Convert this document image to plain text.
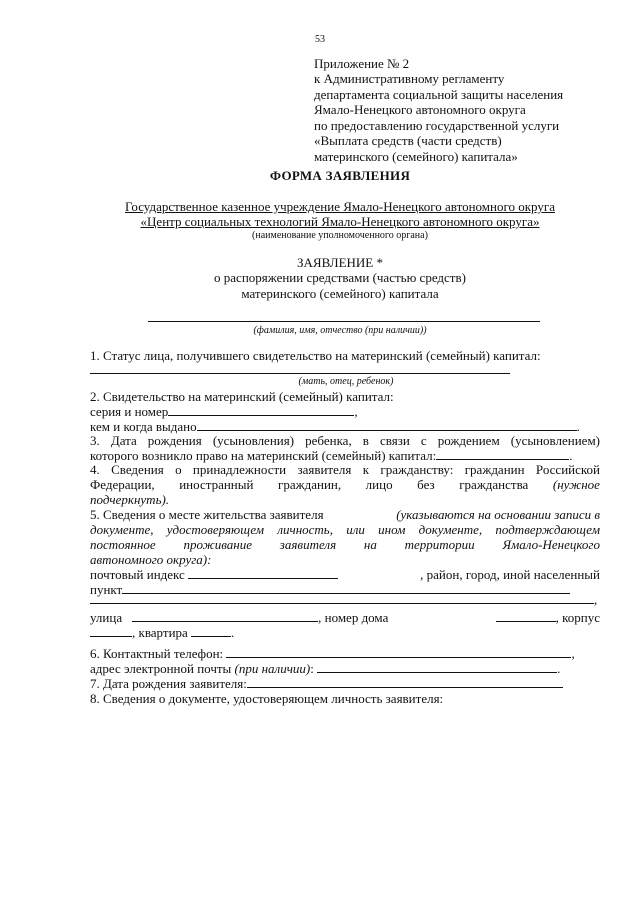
53
Приложение № 2
к Административному регламенту
департамента социальной защиты населения
Ямало-Ненецкого автономного округа
по предоставлению государственной услуги
«Выплата средств (части средств)
материнского (семейного) капитала»
ФОРМА ЗАЯВЛЕНИЯ
Государственное казенное учреждение Ямало-Ненецкого автономного округа
«Центр социальных технологий Ямало-Ненецкого автономного округа»
(наименование уполномоченного органа)
ЗАЯВЛЕНИЕ *
о распоряжении средствами (частью средств)
материнского (семейного) капитала
(фамилия, имя, отчество (при наличии))
1. Статус лица, получившего свидетельство на материнский (семейный) капитал:
(мать, отец, ребенок)
2. Свидетельство на материнский (семейный) капитал:
серия и номер	,
кем и когда выдано	.
3. Дата рождения (усыновления) ребенка, в связи с рождением (усыновлением)
которого возникло право на материнский (семейный) капитал:	.
4. Сведения о принадлежности заявителя к гражданству: гражданин Российской
Федерации, иностранный гражданин, лицо без гражданства (нужное
подчеркнуть).
5. Сведения о месте жительства заявителя	(указываются на основании записи в
документе, удостоверяющем личность, или ином документе, подтверждающем
постоянное проживание заявителя на территории Ямало-Ненецкого
автономного округа):
почтовый индекс	, район, город, иной населенный
пункт
,
улица	, номер дома	, корпус
, квартира	.
6. Контактный телефон:	,
адрес электронной почты (при наличии):	.
7. Дата рождения заявителя:
8. Сведения о документе, удостоверяющем личность заявителя:
